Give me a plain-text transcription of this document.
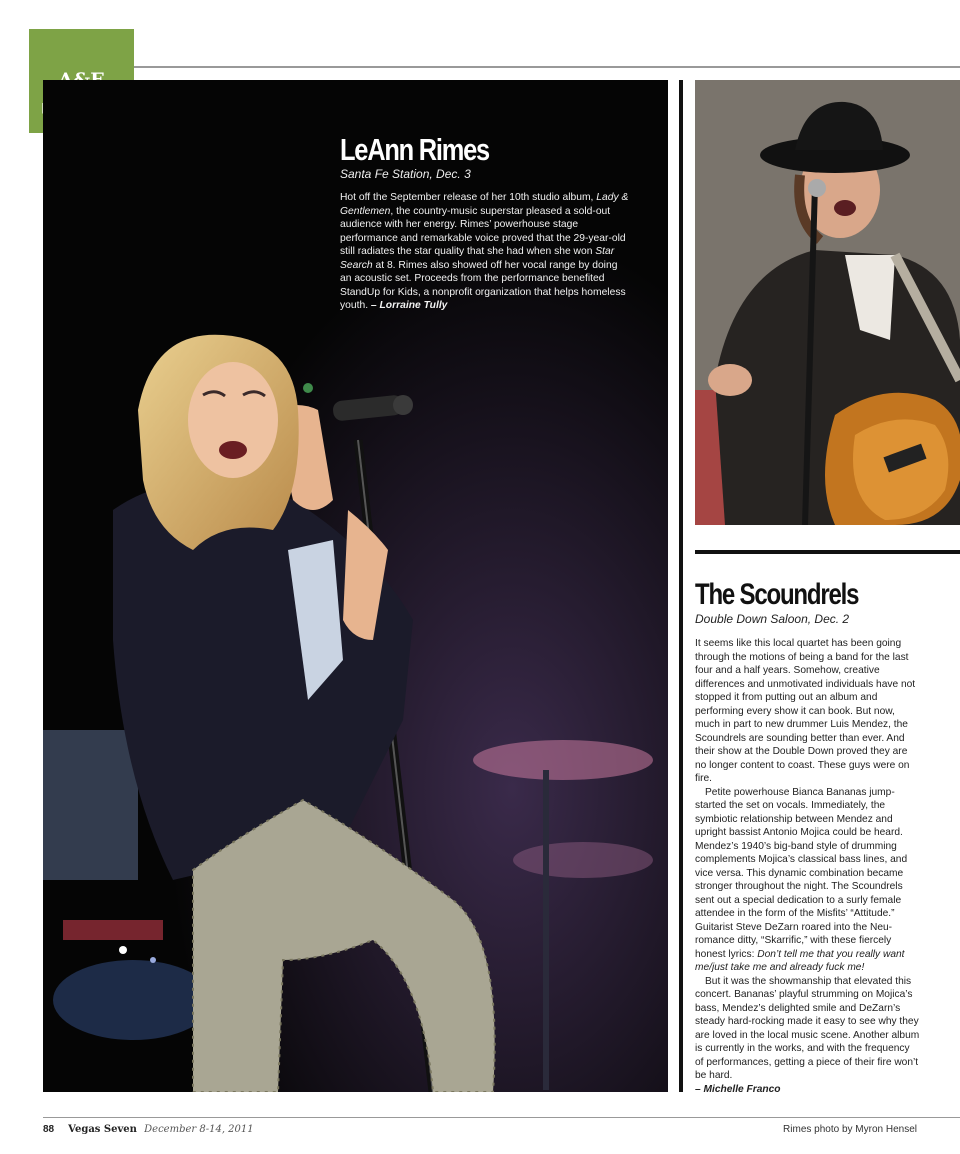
LeAnn Rimes
Santa Fe Station, Dec. 3
Hot off the September release of her 10th studio album, Lady & Gentlemen, the country-music superstar pleased a sold-out audience with her energy. Rimes’ powerhouse stage performance and remarkable voice proved that the 29-year-old still radiates the star quality that she had when she won Star Search at 8. Rimes also showed off her vocal range by doing an acoustic set. Proceeds from the performance benefited StandUp for Kids, a nonprofit organization that helps homeless youth. – Lorraine Tully
The Scoundrels
Double Down Saloon, Dec. 2

It seems like this local quartet has been going through the motions of being a band for the last four and a half years. Somehow, creative differences and unmotivated individuals have not stopped it from putting out an album and performing every show it can book. But now, much in part to new drummer Luis Mendez, the Scoundrels are sounding better than ever. And their show at the Double Down proved they are no longer content to coast. These guys were on fire.

Petite powerhouse Bianca Bananas jump-started the set on vocals. Immediately, the symbiotic relationship between Mendez and upright bassist Antonio Mojica could be heard. Mendez’s 1940’s big-band style of drumming complements Mojica’s classical bass lines, and vice versa. This dynamic combination became stronger throughout the night. The Scoundrels sent out a special dedication to a surly female attendee in the form of the Misfits’ “Attitude.” Guitarist Steve DeZarn roared into the Neu-romance ditty, “Skarrific,” with these fiercely honest lyrics: Don’t tell me that you really want me/just take me and already fuck me!

But it was the showmanship that elevated this concert. Bananas’ playful strumming on Mojica’s bass, Mendez’s delighted smile and DeZarn’s steady hard-rocking made it easy to see why they are loved in the local music scene. Another album is currently in the works, and with the frequency of performances, getting a piece of their fire won’t be hard.

– Michelle Franco

88 Vegas Seven December 8-14, 2011	Rimes photo by Myron Hensel
